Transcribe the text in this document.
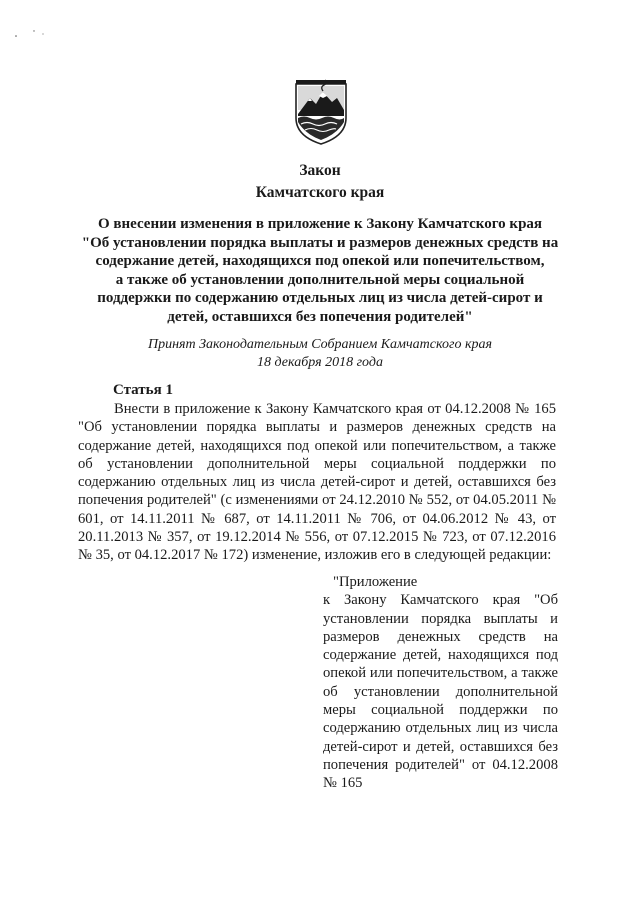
Закон
Камчатского края
О внесении изменения в приложение к Закону Камчатского края
"Об установлении порядка выплаты и размеров денежных средств на
содержание детей, находящихся под опекой или попечительством,
а также об установлении дополнительной меры социальной
поддержки по содержанию отдельных лиц из числа детей-сирот и
детей, оставшихся без попечения родителей"
Принят Законодательным Собранием Камчатского края
18 декабря 2018 года
Статья 1

Внести в приложение к Закону Камчатского края от 04.12.2008 № 165 "Об установлении порядка выплаты и размеров денежных средств на содержание детей, находящихся под опекой или попечительством, а также об установлении дополнительной меры социальной поддержки по содержанию отдельных лиц из числа детей-сирот и детей, оставшихся без попечения родителей" (с изменениями от 24.12.2010 № 552, от 04.05.2011 № 601, от 14.11.2011 № 687, от 14.11.2011 № 706, от 04.06.2012 № 43, от 20.11.2013 № 357, от 19.12.2014 № 556, от 07.12.2015 № 723, от 07.12.2016 № 35, от 04.12.2017 № 172) изменение, изложив его в следующей редакции:

"Приложение
к Закону Камчатского края "Об установлении порядка выплаты и размеров денежных средств на содержание детей, находящихся под опекой или попечительством, а также об установлении дополнительной меры социальной поддержки по содержанию отдельных лиц из числа детей-сирот и детей, оставшихся без попечения родителей" от 04.12.2008 № 165
